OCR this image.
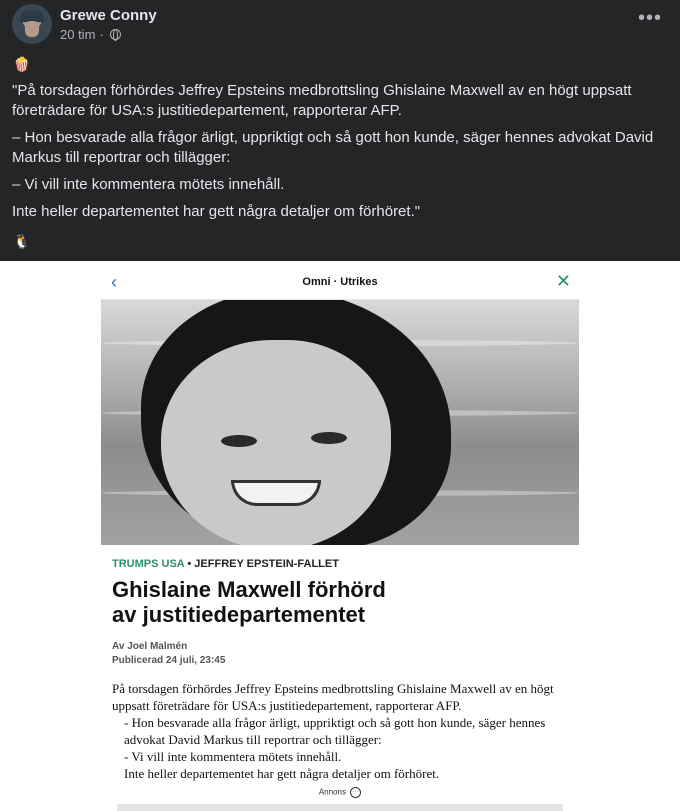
Grewe Conny
20 tim ·
•••
🍿

"På torsdagen förhördes Jeffrey Epsteins medbrottsling Ghislaine Maxwell av en högt uppsatt företrädare för USA:s justitiedepartement, rapporterar AFP.

– Hon besvarade alla frågor ärligt, uppriktigt och så gott hon kunde, säger hennes advokat David Markus till reportrar och tillägger:

– Vi vill inte kommentera mötets innehåll.

Inte heller departementet har gett några detaljer om förhöret."

🐧
‹	Omni · Utrikes	✕
TRUMPS USA • JEFFREY EPSTEIN-FALLET
Ghislaine Maxwell förhörd
av justitiedepartementet
Av Joel Malmén
Publicerad 24 juli, 23:45
På torsdagen förhördes Jeffrey Epsteins medbrottsling Ghislaine Maxwell av en högt uppsatt företrädare för USA:s justitiedepartement, rapporterar AFP.
- Hon besvarade alla frågor ärligt, uppriktigt och så gott hon kunde, säger hennes advokat David Markus till reportrar och tillägger:
- Vi vill inte kommentera mötets innehåll.
Inte heller departementet har gett några detaljer om förhöret.
Annons ···
